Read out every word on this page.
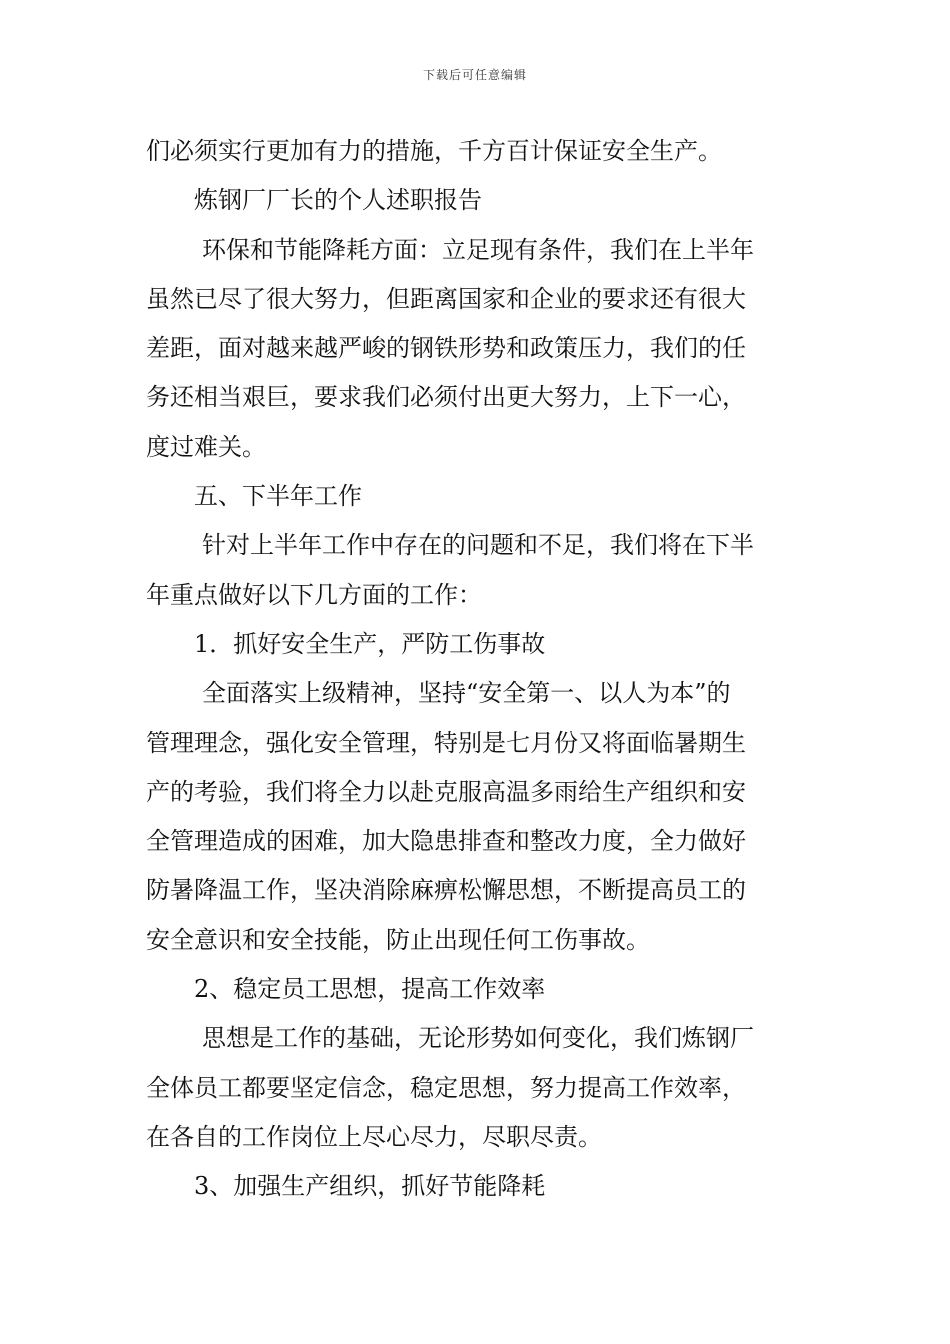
下载后可任意编辑
们必须实行更加有力的措施，千方百计保证安全生产。
炼钢厂厂长的个人述职报告
环保和节能降耗方面：立足现有条件，我们在上半年
虽然已尽了很大努力，但距离国家和企业的要求还有很大
差距，面对越来越严峻的钢铁形势和政策压力，我们的任
务还相当艰巨，要求我们必须付出更大努力，上下一心，
度过难关。
五、下半年工作
针对上半年工作中存在的问题和不足，我们将在下半
年重点做好以下几方面的工作：
1．抓好安全生产，严防工伤事故
全面落实上级精神，坚持“安全第一、以人为本”的
管理理念，强化安全管理，特别是七月份又将面临暑期生
产的考验，我们将全力以赴克服高温多雨给生产组织和安
全管理造成的困难，加大隐患排查和整改力度，全力做好
防暑降温工作，坚决消除麻痹松懈思想，不断提高员工的
安全意识和安全技能，防止出现任何工伤事故。
2、稳定员工思想，提高工作效率
思想是工作的基础，无论形势如何变化，我们炼钢厂
全体员工都要坚定信念，稳定思想，努力提高工作效率，
在各自的工作岗位上尽心尽力，尽职尽责。
3、加强生产组织，抓好节能降耗
